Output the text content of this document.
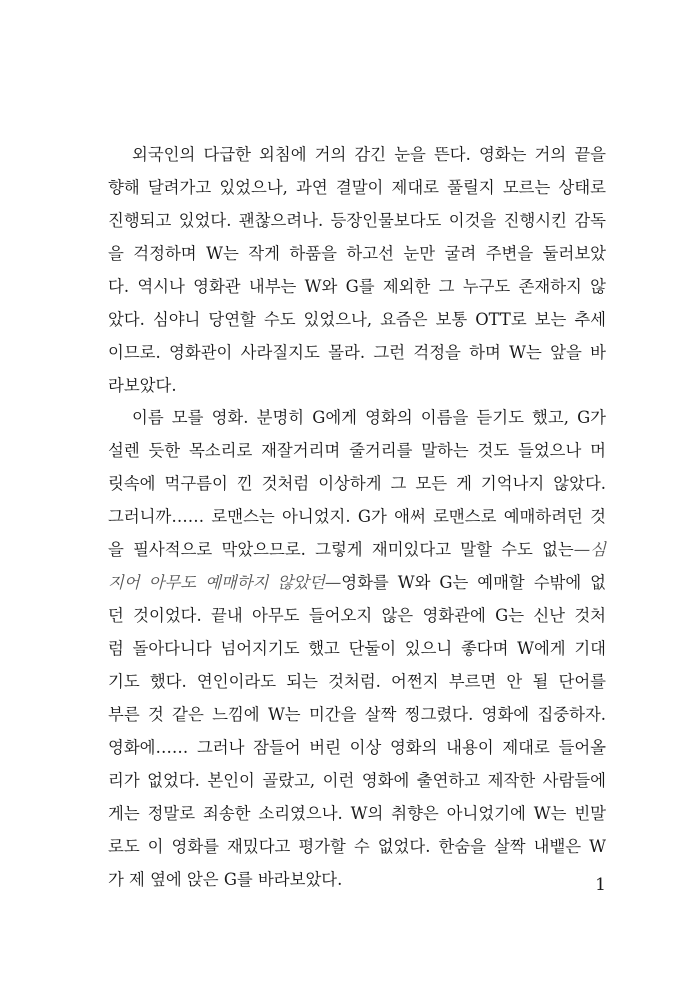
외국인의 다급한 외침에 거의 감긴 눈을 뜬다. 영화는 거의 끝을
향해 달려가고 있었으나, 과연 결말이 제대로 풀릴지 모르는 상태로
진행되고 있었다. 괜찮으려나. 등장인물보다도 이것을 진행시킨 감독
을 걱정하며 W는 작게 하품을 하고선 눈만 굴려 주변을 둘러보았
다. 역시나 영화관 내부는 W와 G를 제외한 그 누구도 존재하지 않
았다. 심야니 당연할 수도 있었으나, 요즘은 보통 OTT로 보는 추세
이므로. 영화관이 사라질지도 몰라. 그런 걱정을 하며 W는 앞을 바
라보았다.
이름 모를 영화. 분명히 G에게 영화의 이름을 듣기도 했고, G가
설렌 듯한 목소리로 재잘거리며 줄거리를 말하는 것도 들었으나 머
릿속에 먹구름이 낀 것처럼 이상하게 그 모든 게 기억나지 않았다.
그러니까…… 로맨스는 아니었지. G가 애써 로맨스로 예매하려던 것
을 필사적으로 막았으므로. 그렇게 재미있다고 말할 수도 없는—심
지어 아무도 예매하지 않았던—영화를 W와 G는 예매할 수밖에 없
던 것이었다. 끝내 아무도 들어오지 않은 영화관에 G는 신난 것처
럼 돌아다니다 넘어지기도 했고 단둘이 있으니 좋다며 W에게 기대
기도 했다. 연인이라도 되는 것처럼. 어쩐지 부르면 안 될 단어를
부른 것 같은 느낌에 W는 미간을 살짝 찡그렸다. 영화에 집중하자.
영화에…… 그러나 잠들어 버린 이상 영화의 내용이 제대로 들어올
리가 없었다. 본인이 골랐고, 이런 영화에 출연하고 제작한 사람들에
게는 정말로 죄송한 소리였으나. W의 취향은 아니었기에 W는 빈말
로도 이 영화를 재밌다고 평가할 수 없었다. 한숨을 살짝 내뱉은 W
가 제 옆에 앉은 G를 바라보았다.	1
